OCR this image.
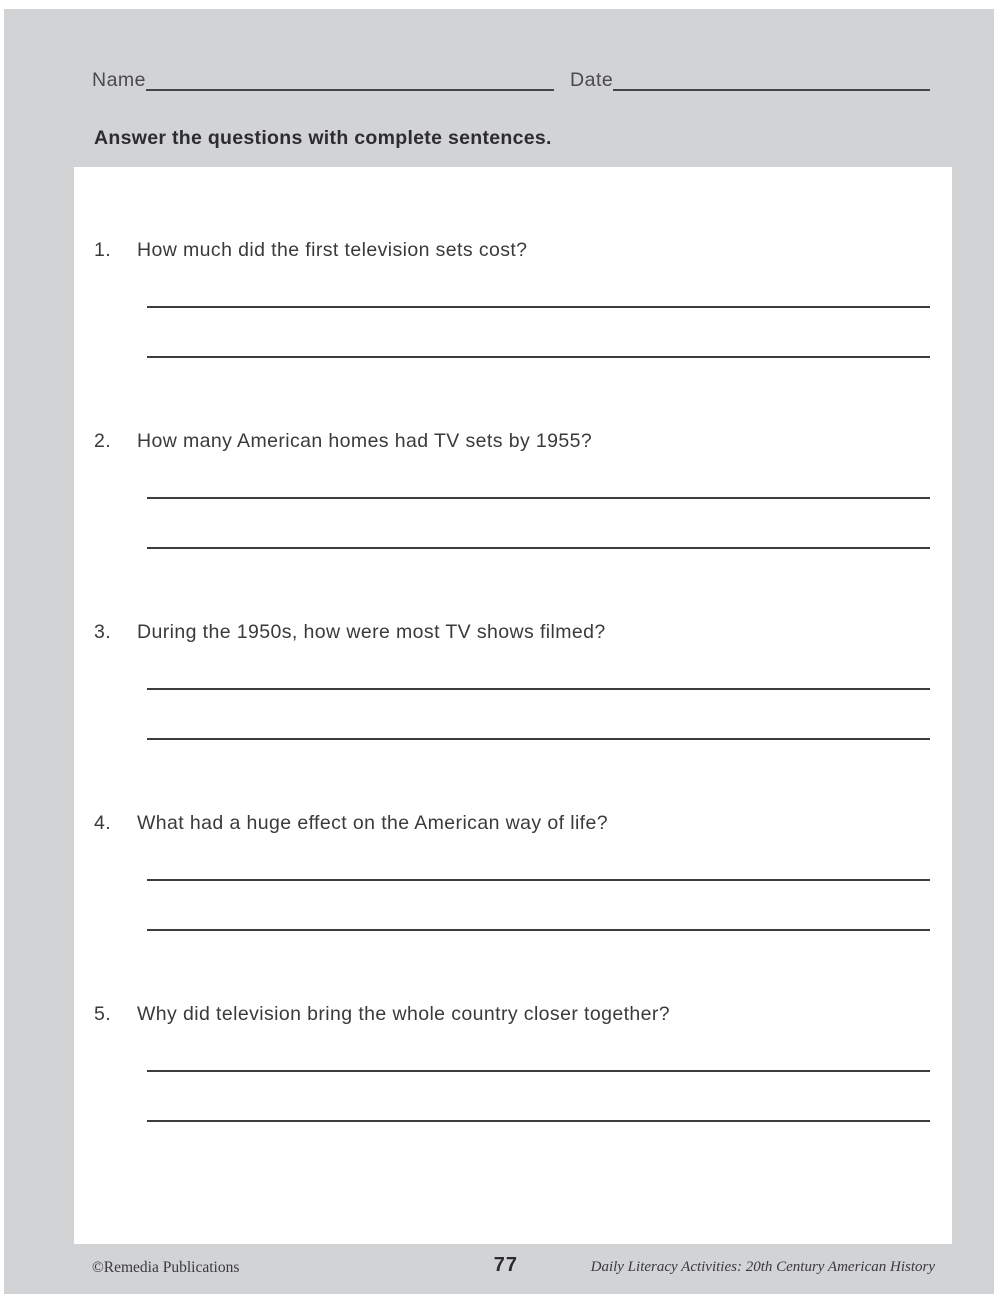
Name	Date
Answer the questions with complete sentences.
1.	How much did the first television sets cost?
2.	How many American homes had TV sets by 1955?
3.	During the 1950s, how were most TV shows filmed?
4.	What had a huge effect on the American way of life?
5.	Why did television bring the whole country closer together?
©Remedia Publications	77	Daily Literacy Activities: 20th Century American History
